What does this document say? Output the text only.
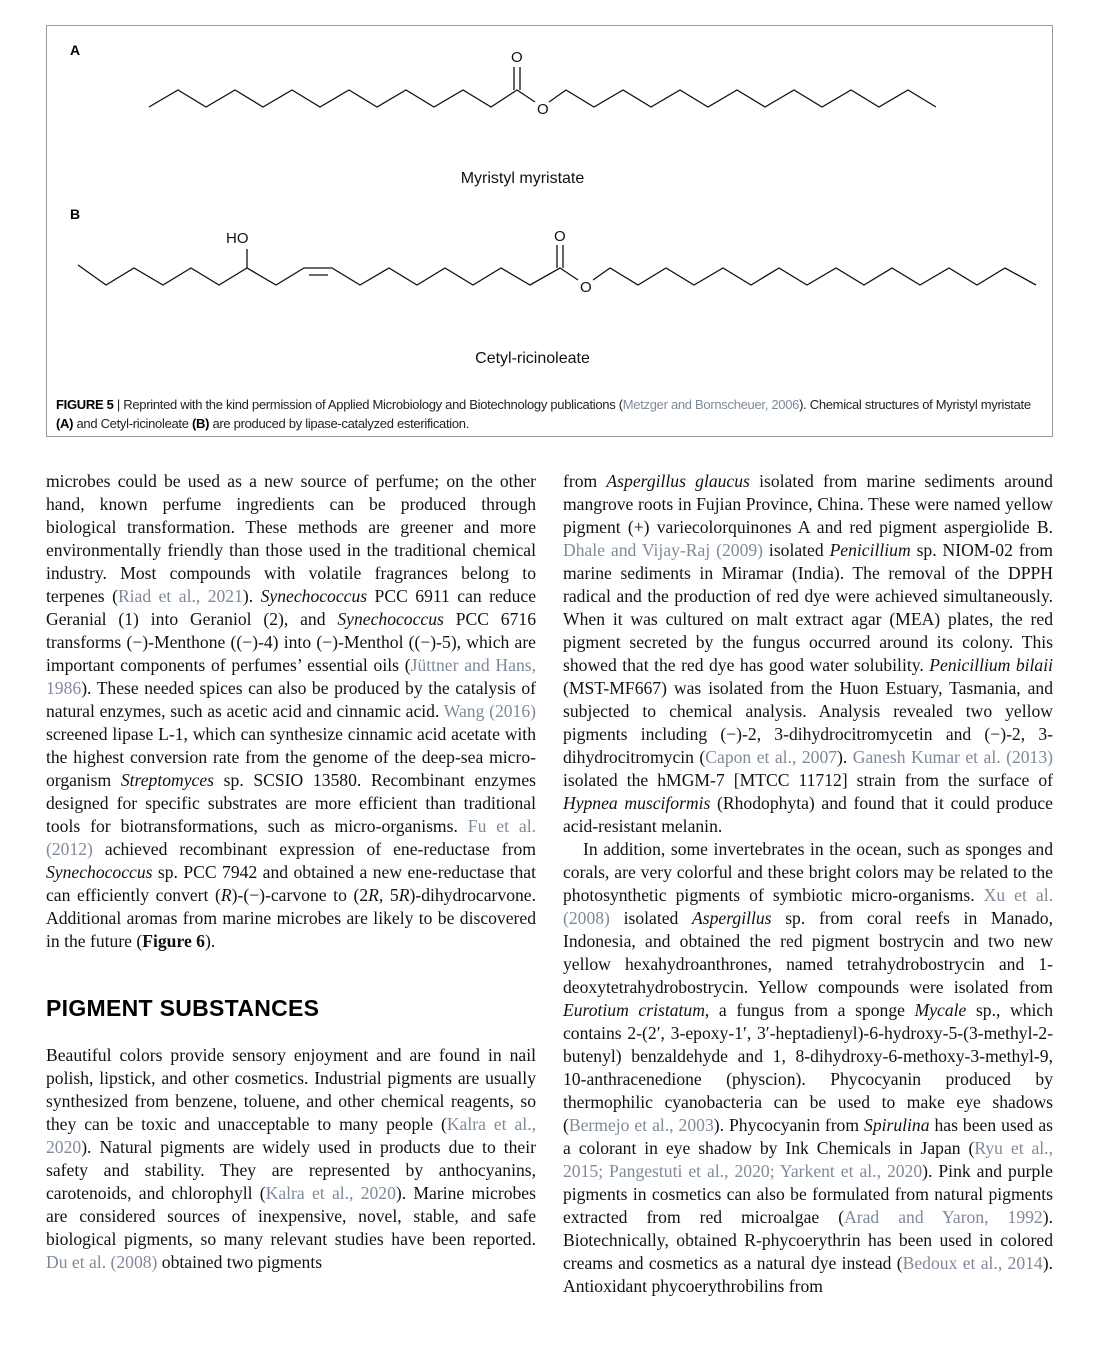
A
B
O
O
HO	O
O
Myristyl myristate
Cetyl-ricinoleate
FIGURE 5 | Reprinted with the kind permission of Applied Microbiology and Biotechnology publications (Metzger and Bornscheuer, 2006). Chemical structures of Myristyl myristate (A) and Cetyl-ricinoleate (B) are produced by lipase-catalyzed esterification.

microbes could be used as a new source of perfume; on the other hand, known perfume ingredients can be produced through biological transformation. These methods are greener and more environmentally friendly than those used in the traditional chemical industry. Most compounds with volatile fragrances belong to terpenes (Riad et al., 2021). Synechococcus PCC 6911 can reduce Geranial (1) into Geraniol (2), and Synechococcus PCC 6716 transforms (−)-Menthone ((−)-4) into (−)-Menthol ((−)-5), which are important components of perfumes’ essential oils (Jüttner and Hans, 1986). These needed spices can also be produced by the catalysis of natural enzymes, such as acetic acid and cinnamic acid. Wang (2016) screened lipase L-1, which can synthesize cinnamic acid acetate with the highest conversion rate from the genome of the deep-sea micro-organism Streptomyces sp. SCSIO 13580. Recombinant enzymes designed for specific substrates are more efficient than traditional tools for biotransformations, such as micro-organisms. Fu et al. (2012) achieved recombinant expression of ene-reductase from Synechococcus sp. PCC 7942 and obtained a new ene-reductase that can efficiently convert (R)-(−)-carvone to (2R, 5R)-dihydrocarvone. Additional aromas from marine microbes are likely to be discovered in the future (Figure 6).

PIGMENT SUBSTANCES

Beautiful colors provide sensory enjoyment and are found in nail polish, lipstick, and other cosmetics. Industrial pigments are usually synthesized from benzene, toluene, and other chemical reagents, so they can be toxic and unacceptable to many people (Kalra et al., 2020). Natural pigments are widely used in products due to their safety and stability. They are represented by anthocyanins, carotenoids, and chlorophyll (Kalra et al., 2020). Marine microbes are considered sources of inexpensive, novel, stable, and safe biological pigments, so many relevant studies have been reported. Du et al. (2008) obtained two pigments

from Aspergillus glaucus isolated from marine sediments around mangrove roots in Fujian Province, China. These were named yellow pigment (+) variecolorquinones A and red pigment aspergiolide B. Dhale and Vijay-Raj (2009) isolated Penicillium sp. NIOM-02 from marine sediments in Miramar (India). The removal of the DPPH radical and the production of red dye were achieved simultaneously. When it was cultured on malt extract agar (MEA) plates, the red pigment secreted by the fungus occurred around its colony. This showed that the red dye has good water solubility. Penicillium bilaii (MST-MF667) was isolated from the Huon Estuary, Tasmania, and subjected to chemical analysis. Analysis revealed two yellow pigments including (−)-2, 3-dihydrocitromycetin and (−)-2, 3-dihydrocitromycin (Capon et al., 2007). Ganesh Kumar et al. (2013) isolated the hMGM-7 [MTCC 11712] strain from the surface of Hypnea musciformis (Rhodophyta) and found that it could produce acid-resistant melanin.

In addition, some invertebrates in the ocean, such as sponges and corals, are very colorful and these bright colors may be related to the photosynthetic pigments of symbiotic micro-organisms. Xu et al. (2008) isolated Aspergillus sp. from coral reefs in Manado, Indonesia, and obtained the red pigment bostrycin and two new yellow hexahydroanthrones, named tetrahydrobostrycin and 1-deoxytetrahydrobostrycin. Yellow compounds were isolated from Eurotium cristatum, a fungus from a sponge Mycale sp., which contains 2-(2′, 3-epoxy-1′, 3′-heptadienyl)-6-hydroxy-5-(3-methyl-2-butenyl) benzaldehyde and 1, 8-dihydroxy-6-methoxy-3-methyl-9, 10-anthracenedione (physcion). Phycocyanin produced by thermophilic cyanobacteria can be used to make eye shadows (Bermejo et al., 2003). Phycocyanin from Spirulina has been used as a colorant in eye shadow by Ink Chemicals in Japan (Ryu et al., 2015; Pangestuti et al., 2020; Yarkent et al., 2020). Pink and purple pigments in cosmetics can also be formulated from natural pigments extracted from red microalgae (Arad and Yaron, 1992). Biotechnically, obtained R-phycoerythrin has been used in colored creams and cosmetics as a natural dye instead (Bedoux et al., 2014). Antioxidant phycoerythrobilins from
